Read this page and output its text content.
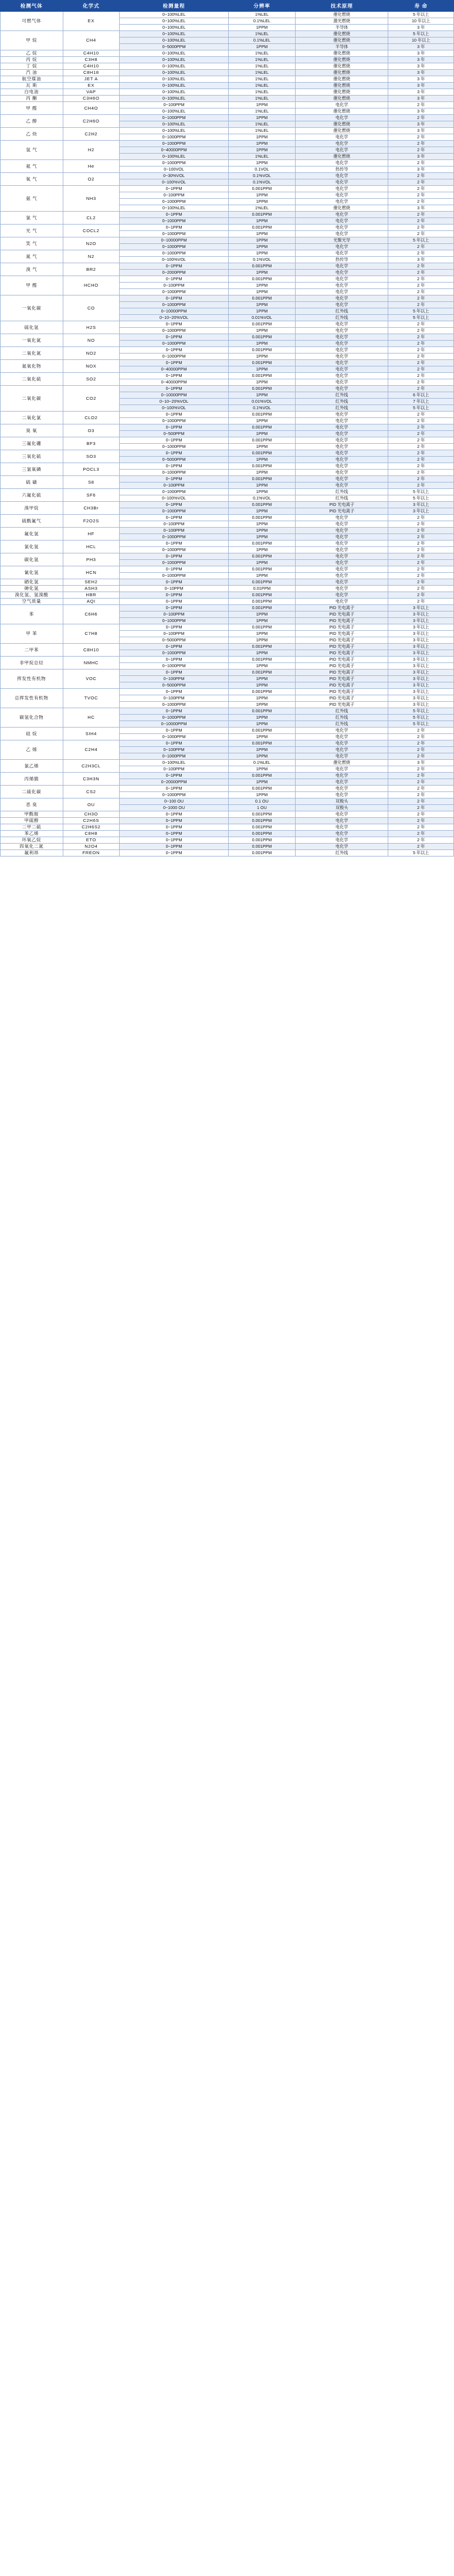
检测气体	化学式	检测量程	分辨率	技术原理	寿 命
可燃气体	EX	0~100%LEL	1%LEL	催化燃烧	5 年以上
		0~100%LEL	0.1%LEL	激光燃烧	10 年以上
		0~100%LEL	1PPM	半导体	3 年
甲 烷	CH4	0~100%LEL	1%LEL	催化燃烧	5 年以上
		0~100%LEL	0.1%LEL	催化燃烧	10 年以上
		0~5000PPM	1PPM	半导体	3 年
乙 烷	C4H10	0~100%LEL	1%LEL	催化燃烧	3 年
丙 烷	C3H8	0~100%LEL	1%LEL	催化燃烧	3 年
丁 烷	C4H10	0~100%LEL	1%LEL	催化燃烧	3 年
汽 油	C8H18	0~100%LEL	1%LEL	催化燃烧	3 年
航空煤油	JET A	0~100%LEL	1%LEL	催化燃烧	3 年
瓦 斯	EX	0~100%LEL	1%LEL	催化燃烧	3 年
白电油	VAP	0~100%LEL	1%LEL	催化燃烧	3 年
丙 酮	C3H6O	0~100%LEL	1%LEL	催化燃烧	3 年
甲 醛	CH4O	0~100PPM	1PPM	电化学	2 年
		0~100%LEL	1%LEL	催化燃烧	3 年
乙 醇	C2H6O	0~1000PPM	1PPM	电化学	2 年
		0~100%LEL	1%LEL	催化燃烧	3 年
乙 炔	C2H2	0~100%LEL	1%LEL	催化燃烧	3 年
		0~1000PPM	1PPM	电化学	2 年
氢 气	H2	0~1000PPM	1PPM	电化学	2 年
		0~40000PPM	1PPM	电化学	2 年
		0~100%LEL	1%LEL	催化燃烧	3 年
氦 气	He	0~1000PPM	1PPM	电化学	2 年
		0~100VOL	0.1VOL	热传导	3 年
氧 气	O2	0~30%VOL	0.1%VOL	电化学	2 年
		0~100%VOL	0.1%VOL	电化学	2 年
氨 气	NH3	0~1PPM	0.001PPM	电化学	2 年
		0~100PPM	1PPM	电化学	2 年
		0~1000PPM	1PPM	电化学	2 年
		0~100%LEL	1%LEL	催化燃烧	3 年
氯 气	CL2	0~1PPM	0.001PPM	电化学	2 年
		0~1000PPM	1PPM	电化学	2 年
光 气	COCL2	0~1PPM	0.001PPM	电化学	2 年
		0~1000PPM	1PPM	电化学	2 年
笑 气	N2O	0~10000PPM	1PPM	光聚光导	5 年以上
		0~1000PPM	1PPM	电化学	2 年
氮 气	N2	0~1000PPM	1PPM	电化学	2 年
		0~100%VOL	0.1%VOL	热传导	3 年
溴 气	BR2	0~1PPM	0.001PPM	电化学	2 年
		0~2000PPM	1PPM	电化学	2 年
甲 醛	HCHO	0~1PPM	0.001PPM	电化学	2 年
		0~100PPM	1PPM	电化学	2 年
		0~1000PPM	1PPM	电化学	2 年
一氧化碳	CO	0~1PPM	0.001PPM	电化学	2 年
		0~1000PPM	1PPM	电化学	2 年
		0~10000PPM	1PPM	红外线	5 年以上
		0~10~20%VOL	0.01%VOL	红外线	5 年以上
硫化氢	H2S	0~1PPM	0.001PPM	电化学	2 年
		0~1000PPM	1PPM	电化学	2 年
一氧化氮	NO	0~1PPM	0.001PPM	电化学	2 年
		0~1000PPM	1PPM	电化学	2 年
二氧化氮	NO2	0~1PPM	0.001PPM	电化学	2 年
		0~1000PPM	1PPM	电化学	2 年
氮氧化物	NOX	0~1PPM	0.001PPM	电化学	2 年
		0~40000PPM	1PPM	电化学	2 年
二氧化硫	SO2	0~1PPM	0.001PPM	电化学	2 年
		0~40000PPM	1PPM	电化学	2 年
二氧化碳	CO2	0~1PPM	0.001PPM	电化学	2 年
		0~10000PPM	1PPM	红外线	6 年以上
		0~10~20%VOL	0.01%VOL	红外线	7 年以上
		0~100%VOL	0.1%VOL	红外线	5 年以上
二氧化氯	CLO2	0~1PPM	0.001PPM	电化学	2 年
		0~1000PPM	1PPM	电化学	2 年
臭 氧	O3	0~1PPM	0.001PPM	电化学	2 年
		0~500PPM	1PPM	电化学	2 年
三氟化硼	BF3	0~1PPM	0.001PPM	电化学	2 年
		0~1000PPM	1PPM	电化学	2 年
三氧化硫	SO3	0~1PPM	0.001PPM	电化学	2 年
		0~5000PPM	1PPM	电化学	2 年
三氯氧磷	POCL3	0~1PPM	0.001PPM	电化学	2 年
		0~1000PPM	1PPM	电化学	2 年
硫 磺	S8	0~1PPM	0.001PPM	电化学	2 年
		0~100PPM	1PPM	电化学	2 年
六氟化硫	SF6	0~1000PPM	1PPM	红外线	5 年以上
		0~100%VOL	0.1%VOL	红外线	5 年以上
溴甲烷	CH3Br	0~1PPM	0.001PPM	PID 光电离子	3 年以上
		0~1000PPM	1PPM	PID 光电离子	3 年以上
硫酰氟气	F2O2S	0~1PPM	0.001PPM	电化学	2 年
		0~100PPM	1PPM	电化学	2 年
氟化氢	HF	0~100PPM	1PPM	电化学	2 年
		0~1000PPM	1PPM	电化学	2 年
氯化氢	HCL	0~1PPM	0.001PPM	电化学	2 年
		0~1000PPM	1PPM	电化学	2 年
碳化氢	PH3	0~1PPM	0.001PPM	电化学	2 年
		0~1000PPM	1PPM	电化学	2 年
氰化氢	HCN	0~1PPM	0.001PPM	电化学	2 年
		0~1000PPM	1PPM	电化学	2 年
硒化氢	SEH2	0~1PPM	0.001PPM	电化学	2 年
砷化氢	ASH3	0~10PPM	0.01PPM	电化学	2 年
溴化氢、氢溴酸	HBR	0~1PPM	0.001PPM	电化学	2 年
空气质量	AQI	0~1PPM	0.001PPM	电化学	2 年
苯	C6H6	0~1PPM	0.001PPM	PID 光电离子	3 年以上
		0~100PPM	1PPM	PID 光电离子	3 年以上
		0~1000PPM	1PPM	PID 光电离子	3 年以上
甲 苯	C7H8	0~1PPM	0.001PPM	PID 光电离子	3 年以上
		0~100PPM	1PPM	PID 光电离子	3 年以上
		0~5000PPM	1PPM	PID 光电离子	3 年以上
二甲苯	C8H10	0~1PPM	0.001PPM	PID 光电离子	3 年以上
		0~1000PPM	1PPM	PID 光电离子	3 年以上
非甲烷总烃	NMHC	0~1PPM	0.001PPM	PID 光电离子	3 年以上
		0~1000PPM	1PPM	PID 光电离子	3 年以上
挥发性有机物	VOC	0~1PPM	0.001PPM	PID 光电离子	3 年以上
		0~100PPM	1PPM	PID 光电离子	3 年以上
		0~5000PPM	1PPM	PID 光电离子	3 年以上
总挥发性有机物	TVOC	0~1PPM	0.001PPM	PID 光电离子	3 年以上
		0~100PPM	1PPM	PID 光电离子	3 年以上
		0~1000PPM	1PPM	PID 光电离子	3 年以上
碳氢化合物	HC	0~1PPM	0.001PPM	红外线	5 年以上
		0~1000PPM	1PPM	红外线	5 年以上
		0~10000PPM	1PPM	红外线	5 年以上
硅 烷	SIH4	0~1PPM	0.001PPM	电化学	2 年
		0~1000PPM	1PPM	电化学	2 年
乙 烯	C2H4	0~1PPM	0.001PPM	电化学	2 年
		0~100PPM	1PPM	电化学	2 年
		0~1000PPM	1PPM	电化学	2 年
氯乙烯	C2H3CL	0~100%LEL	0.1%LEL	催化燃烧	3 年
		0~100PPM	1PPM	电化学	2 年
丙烯腈	C3H3N	0~1PPM	0.001PPM	电化学	2 年
		0~20000PPM	1PPM	电化学	2 年
二硫化碳	CS2	0~1PPM	0.001PPM	电化学	2 年
		0~1000PPM	1PPM	电化学	2 年
恶 臭	OU	0~100 OU	0.1 OU	双极头	2 年
		0~1000 OU	1 OU	双极头	2 年
甲酰胺	CH3O	0~1PPM	0.001PPM	电化学	2 年
甲硫醇	C2H6S	0~1PPM	0.001PPM	电化学	2 年
二甲二硫	C2H6S2	0~1PPM	0.001PPM	电化学	2 年
苯乙烯	C8H8	0~1PPM	0.001PPM	电化学	2 年
环氧乙烷	ETO	0~1PPM	0.001PPM	电化学	2 年
四氧化二氮	N2O4	0~1PPM	0.001PPM	电化学	2 年
氟利昂	FREON	0~1PPM	0.001PPM	红外线	5 年以上
